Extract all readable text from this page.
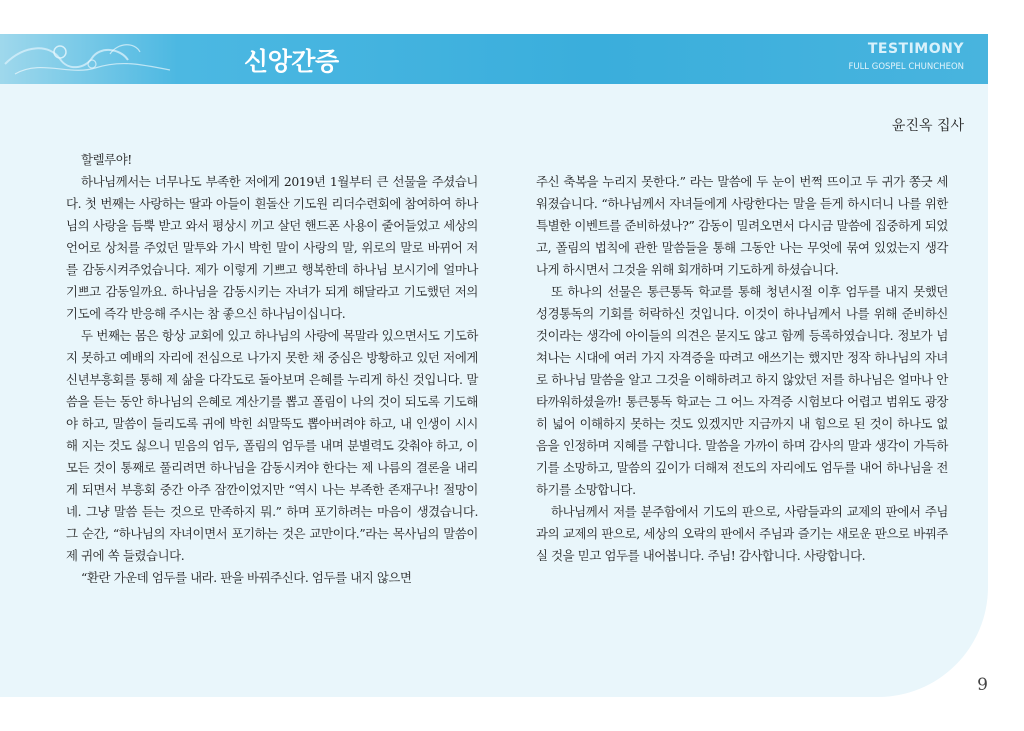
신앙간증	TESTIMONY
FULL GOSPEL CHUNCHEON
윤진옥 집사

할렐루야!

하나님께서는 너무나도 부족한 저에게 2019년 1월부터 큰 선물을 주셨습니다. 첫 번째는 사랑하는 딸과 아들이 흰돌산 기도원 리더수련회에 참여하여 하나님의 사랑을 듬뿍 받고 와서 평상시 끼고 살던 핸드폰 사용이 줄어들었고 세상의 언어로 상처를 주었던 말투와 가시 박힌 말이 사랑의 말, 위로의 말로 바뀌어 저를 감동시켜주었습니다. 제가 이렇게 기쁘고 행복한데 하나님 보시기에 얼마나 기쁘고 감동일까요. 하나님을 감동시키는 자녀가 되게 해달라고 기도했던 저의 기도에 즉각 반응해 주시는 참 좋으신 하나님이십니다.

두 번째는 몸은 항상 교회에 있고 하나님의 사랑에 목말라 있으면서도 기도하지 못하고 예배의 자리에 전심으로 나가지 못한 채 중심은 방황하고 있던 저에게 신년부흥회를 통해 제 삶을 다각도로 돌아보며 은혜를 누리게 하신 것입니다. 말씀을 듣는 동안 하나님의 은혜로 계산기를 뽑고 폴림이 나의 것이 되도록 기도해야 하고, 말씀이 들리도록 귀에 박힌 쇠말뚝도 뽑아버려야 하고, 내 인생이 시시해 지는 것도 싫으니 믿음의 엄두, 폴림의 엄두를 내며 분별력도 갖춰야 하고, 이 모든 것이 통째로 풀리려면 하나님을 감동시켜야 한다는 제 나름의 결론을 내리게 되면서 부흥회 중간 아주 잠깐이었지만 “역시 나는 부족한 존재구나! 절망이네. 그냥 말씀 듣는 것으로 만족하지 뭐.” 하며 포기하려는 마음이 생겼습니다. 그 순간, “하나님의 자녀이면서 포기하는 것은 교만이다.”라는 목사님의 말씀이 제 귀에 쏙 들렸습니다.

“환란 가운데 엄두를 내라. 판을 바꿔주신다. 엄두를 내지 않으면

주신 축복을 누리지 못한다.” 라는 말씀에 두 눈이 번쩍 뜨이고 두 귀가 쫑긋 세워졌습니다. “하나님께서 자녀들에게 사랑한다는 말을 듣게 하시더니 나를 위한 특별한 이벤트를 준비하셨나?” 감동이 밀려오면서 다시금 말씀에 집중하게 되었고, 폴림의 법칙에 관한 말씀들을 통해 그동안 나는 무엇에 묶여 있었는지 생각나게 하시면서 그것을 위해 회개하며 기도하게 하셨습니다.

또 하나의 선물은 통큰통독 학교를 통해 청년시절 이후 엄두를 내지 못했던 성경통독의 기회를 허락하신 것입니다. 이것이 하나님께서 나를 위해 준비하신 것이라는 생각에 아이들의 의견은 묻지도 않고 함께 등록하였습니다. 정보가 넘쳐나는 시대에 여러 가지 자격증을 따려고 애쓰기는 했지만 정작 하나님의 자녀로 하나님 말씀을 알고 그것을 이해하려고 하지 않았던 저를 하나님은 얼마나 안타까워하셨을까! 통큰통독 학교는 그 어느 자격증 시험보다 어렵고 범위도 광장히 넓어 이해하지 못하는 것도 있겠지만 지금까지 내 힘으로 된 것이 하나도 없음을 인정하며 지혜를 구합니다. 말씀을 가까이 하며 감사의 말과 생각이 가득하기를 소망하고, 말씀의 깊이가 더해져 전도의 자리에도 엄두를 내어 하나님을 전하기를 소망합니다.

하나님께서 저를 분주함에서 기도의 판으로, 사람들과의 교제의 판에서 주님과의 교제의 판으로, 세상의 오락의 판에서 주님과 즐기는 새로운 판으로 바꿔주실 것을 믿고 엄두를 내어봅니다. 주님! 감사합니다. 사랑합니다.

9
